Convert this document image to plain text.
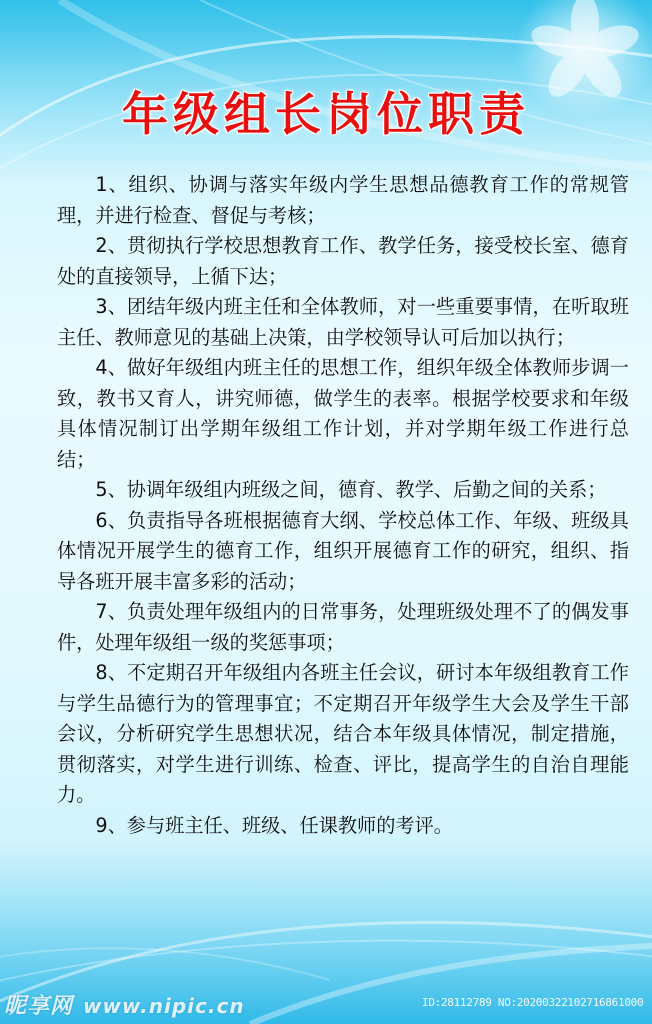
年级组长岗位职责

1、组织、协调与落实年级内学生思想品德教育工作的常规管理，并进行检查、督促与考核；

2、贯彻执行学校思想教育工作、教学任务，接受校长室、德育处的直接领导，上循下达；

3、团结年级内班主任和全体教师，对一些重要事情，在听取班主任、教师意见的基础上决策，由学校领导认可后加以执行；

4、做好年级组内班主任的思想工作，组织年级全体教师步调一致，教书又育人，讲究师德，做学生的表率。根据学校要求和年级具体情况制订出学期年级组工作计划，并对学期年级工作进行总结；

5、协调年级组内班级之间，德育、教学、后勤之间的关系；

6、负责指导各班根据德育大纲、学校总体工作、年级、班级具体情况开展学生的德育工作，组织开展德育工作的研究，组织、指导各班开展丰富多彩的活动；

7、负责处理年级组内的日常事务，处理班级处理不了的偶发事件，处理年级组一级的奖惩事项；

8、不定期召开年级组内各班主任会议，研讨本年级组教育工作与学生品德行为的管理事宜；不定期召开年级学生大会及学生干部会议，分析研究学生思想状况，结合本年级具体情况，制定措施，贯彻落实，对学生进行训练、检查、评比，提高学生的自治自理能力。

9、参与班主任、班级、任课教师的考评。

昵享网 www.nipic.cn	ID:28112789 NO:20200322102716861000
